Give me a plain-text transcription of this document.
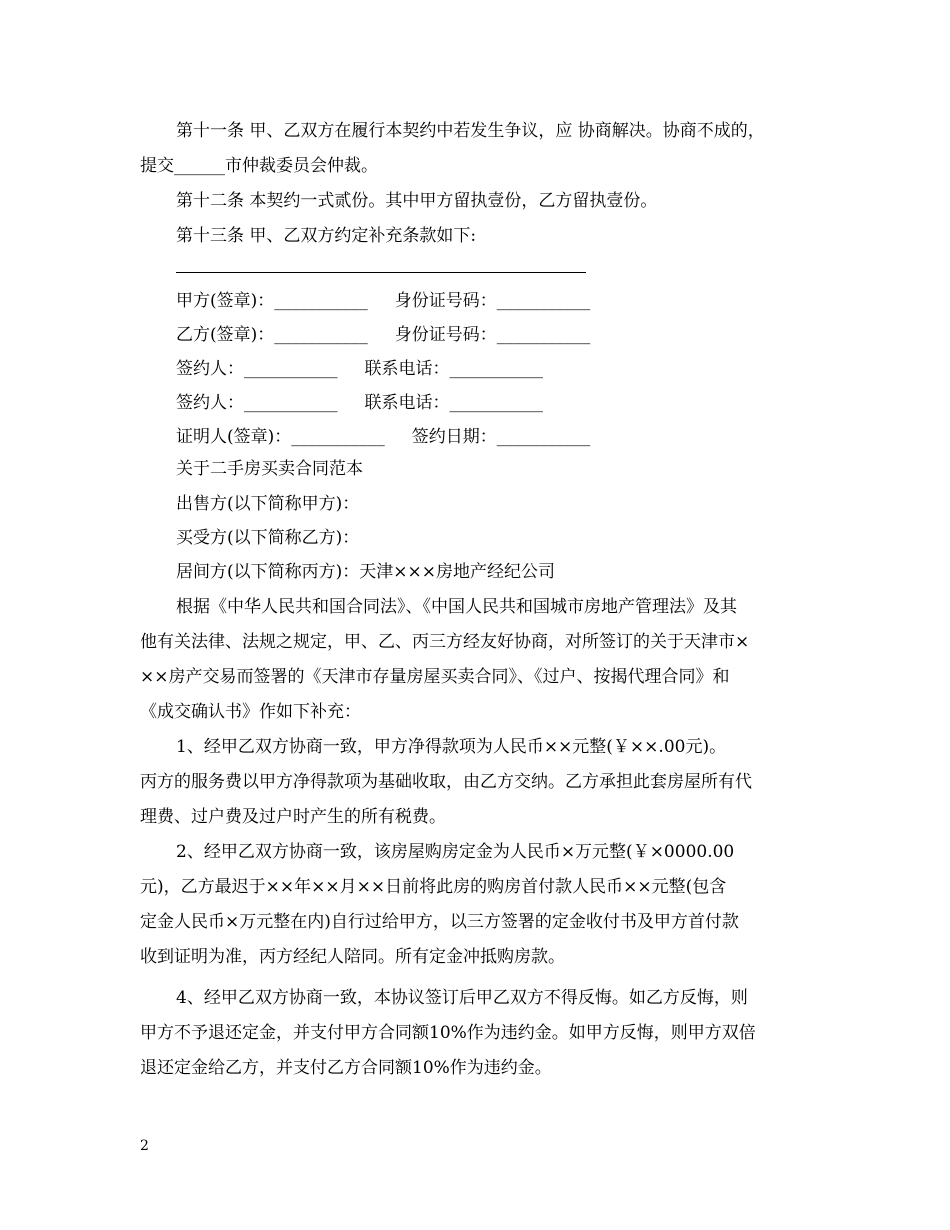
第十一条 甲、乙双方在履行本契约中若发生争议，应 协商解决。协商不成的，
提交______市仲裁委员会仲裁。
第十二条 本契约一式贰份。其中甲方留执壹份，乙方留执壹份。
第十三条 甲、乙双方约定补充条款如下:
甲方(签章)：___________     身份证号码：___________
乙方(签章)：___________     身份证号码：___________
签约人：___________     联系电话：___________
签约人：___________     联系电话：___________
证明人(签章)：___________     签约日期：___________
关于二手房买卖合同范本
出售方(以下简称甲方)：
买受方(以下简称乙方)：
居间方(以下简称丙方)：天津×××房地产经纪公司
根据《中华人民共和国合同法》、《中国人民共和国城市房地产管理法》及其
他有关法律、法规之规定，甲、乙、丙三方经友好协商，对所签订的关于天津市×
××房产交易而签署的《天津市存量房屋买卖合同》、《过户、按揭代理合同》和
《成交确认书》作如下补充：
1、经甲乙双方协商一致，甲方净得款项为人民币××元整(￥××.00元)。
丙方的服务费以甲方净得款项为基础收取，由乙方交纳。乙方承担此套房屋所有代
理费、过户费及过户时产生的所有税费。
2、经甲乙双方协商一致，该房屋购房定金为人民币×万元整(￥×0000.00
元)，乙方最迟于××年××月××日前将此房的购房首付款人民币××元整(包含
定金人民币×万元整在内)自行过给甲方，以三方签署的定金收付书及甲方首付款
收到证明为准，丙方经纪人陪同。所有定金冲抵购房款。
4、经甲乙双方协商一致，本协议签订后甲乙双方不得反悔。如乙方反悔，则
甲方不予退还定金，并支付甲方合同额10%作为违约金。如甲方反悔，则甲方双倍
退还定金给乙方，并支付乙方合同额10%作为违约金。
2
